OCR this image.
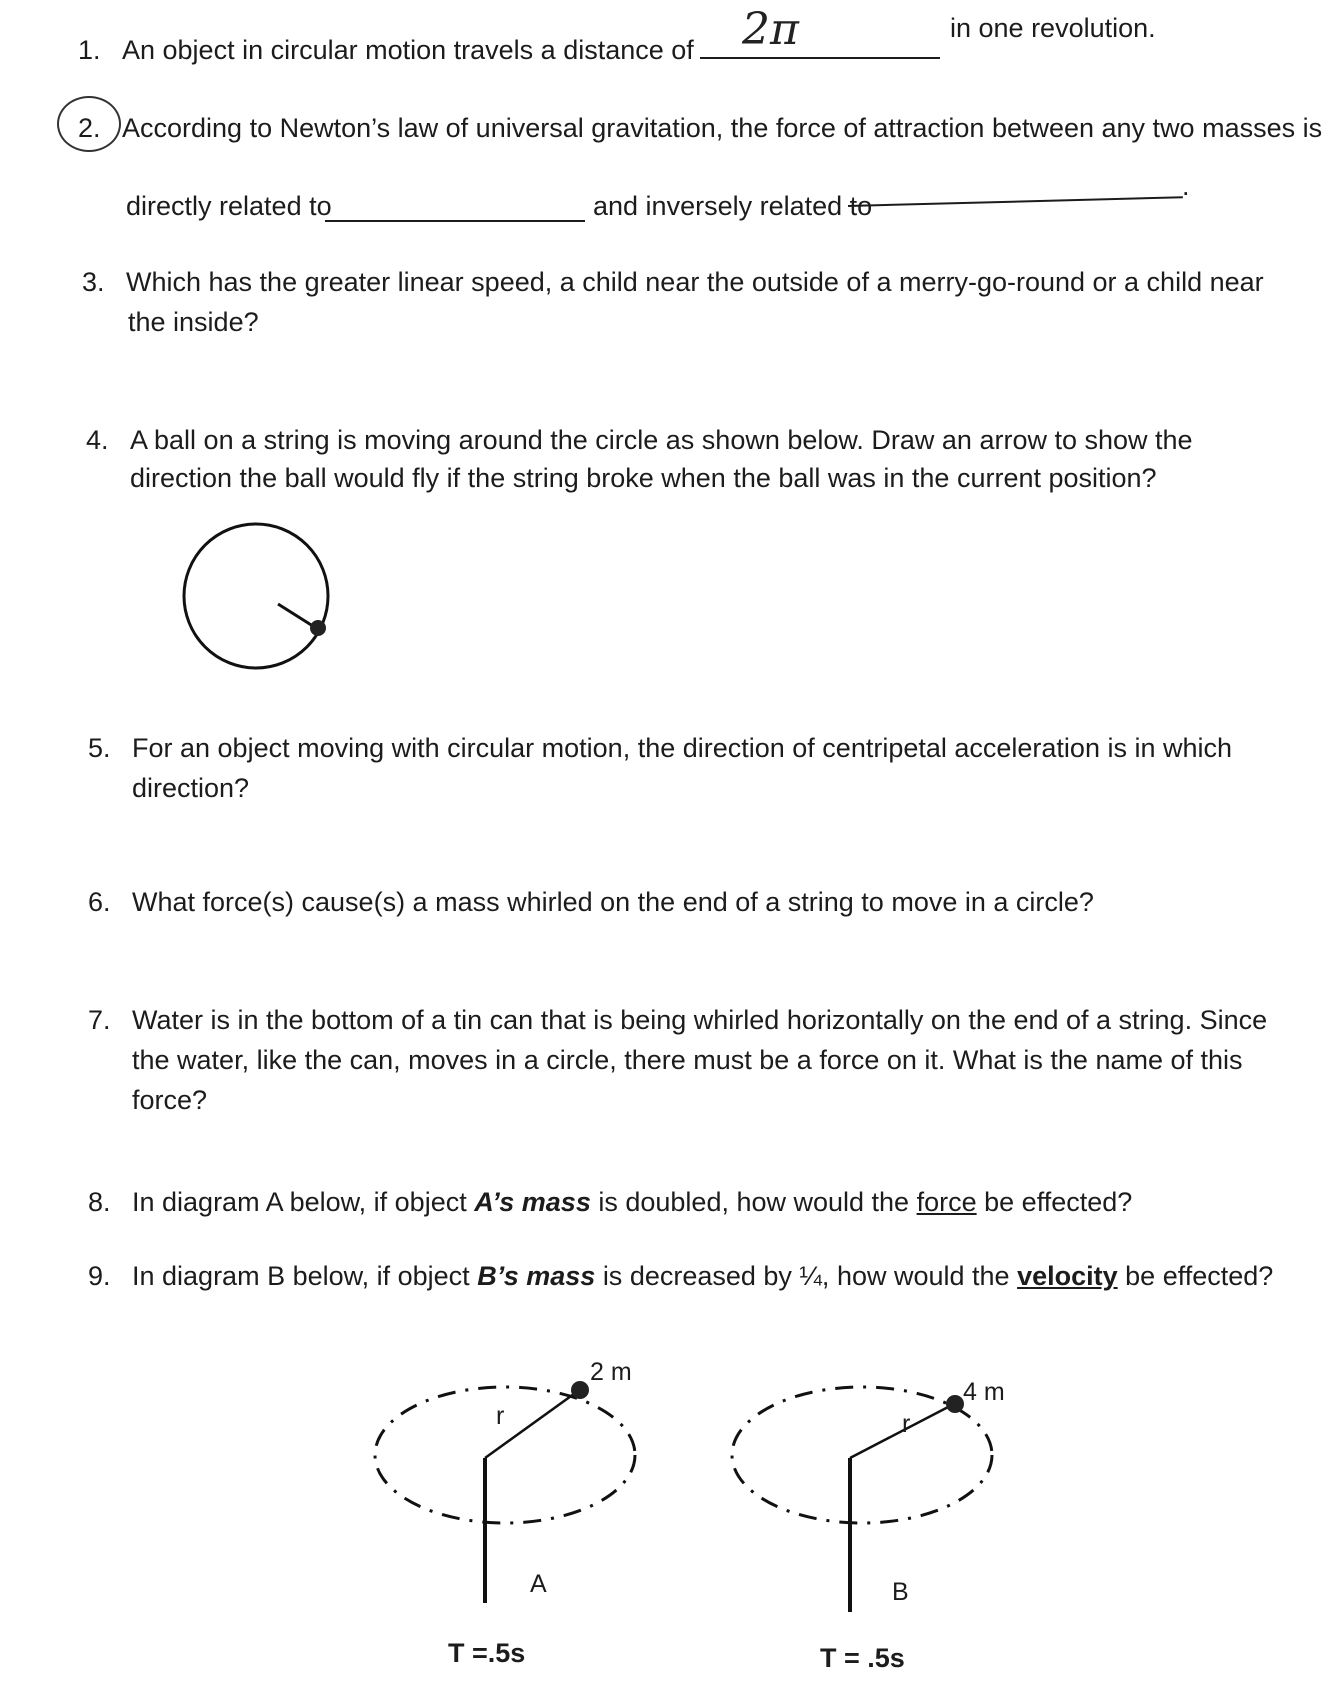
1. An object in circular motion travels a distance of 2π	in one revolution.
2. According to Newton’s law of universal gravitation, the force of attraction between any two masses is
directly related to	and inversely related to
.
3. Which has the greater linear speed, a child near the outside of a merry-go-round or a child near
the inside?
4. A ball on a string is moving around the circle as shown below. Draw an arrow to show the
direction the ball would fly if the string broke when the ball was in the current position?
5. For an object moving with circular motion, the direction of centripetal acceleration is in which
direction?
6. What force(s) cause(s) a mass whirled on the end of a string to move in a circle?
7. Water is in the bottom of a tin can that is being whirled horizontally on the end of a string. Since
the water, like the can, moves in a circle, there must be a force on it. What is the name of this
force?
8. In diagram A below, if object A’s mass is doubled, how would the force be effected?
9. In diagram B below, if object B’s mass is decreased by ¼, how would the velocity be effected?
r
2 m
A
T =.5s
r
4 m
B
T = .5s
